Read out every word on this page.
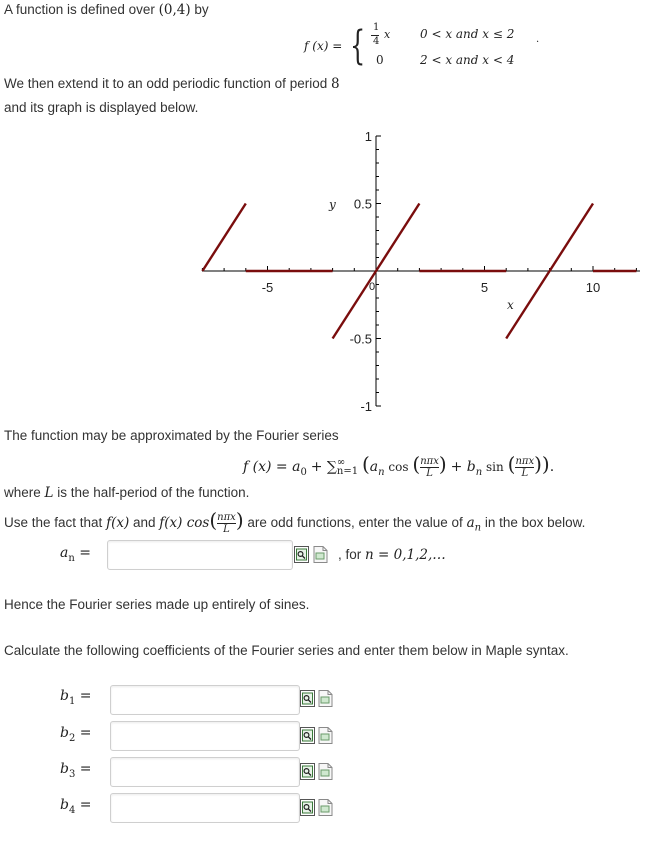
A function is defined over (0,4) by
f (x) = { 1
4
x 0 < x and x ≤ 2 .
0	2 < x and x < 4
We then extend it to an odd periodic function of period 8
and its graph is displayed below.
-5	5	10
1
0.5
-0.5
-1
0
x
y
The function may be approximated by the Fourier series
f $(x) = a_0$ + ∑∞
n=1 ($a_n$ cos (nπx
L ) + $b_n$ sin (nπx
L )).
where L is the half-period of the function.
Use the fact that f(x) and f(x) cos(nπx
L ) are odd functions, enter the value of $a_n$ in the box below.
$a_n$ =	, for n = 0,1,2,…
Hence the Fourier series made up entirely of sines.
Calculate the following coefficients of the Fourier series and enter them below in Maple syntax.
$b_1$ =
$b_2$ =
$b_3$ =
$b_4$ =
